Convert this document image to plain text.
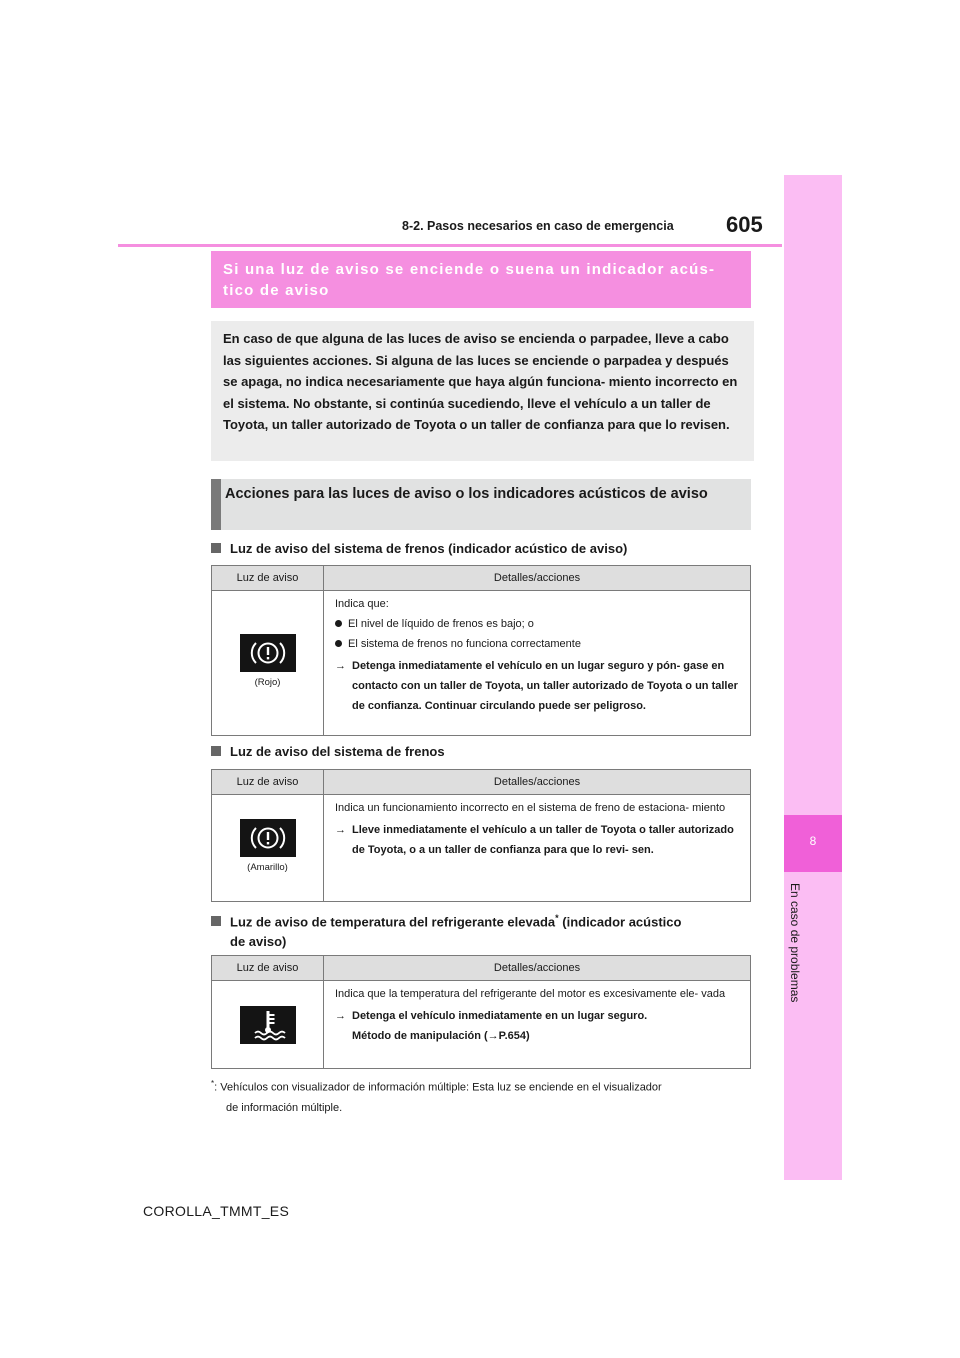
8-2. Pasos necesarios en caso de emergencia 605
8
En caso de problemas
Si una luz de aviso se enciende o suena un indicador acús- tico de aviso
En caso de que alguna de las luces de aviso se encienda o parpadee, lleve a cabo las siguientes acciones. Si alguna de las luces se enciende o parpadea y después se apaga, no indica necesariamente que haya algún funciona- miento incorrecto en el sistema. No obstante, si continúa sucediendo, lleve el vehículo a un taller de Toyota, un taller autorizado de Toyota o un taller de confianza para que lo revisen.
Acciones para las luces de aviso o los indicadores acústicos de aviso
Luz de aviso del sistema de frenos (indicador acústico de aviso)
Luz de aviso	Detalles/acciones

(Rojo)	Indica que:
El nivel de líquido de frenos es bajo; o
El sistema de frenos no funciona correctamente
→ Detenga inmediatamente el vehículo en un lugar seguro y pón- gase en contacto con un taller de Toyota, un taller autorizado de Toyota o un taller de confianza. Continuar circulando puede ser peligroso.
Luz de aviso del sistema de frenos
Luz de aviso	Detalles/acciones

(Amarillo)	Indica un funcionamiento incorrecto en el sistema de freno de estaciona- miento
→ Lleve inmediatamente el vehículo a un taller de Toyota o taller autorizado de Toyota, o a un taller de confianza para que lo revi- sen.
Luz de aviso de temperatura del refrigerante elevada* (indicador acústico
de aviso)
Luz de aviso	Detalles/acciones

Indica que la temperatura del refrigerante del motor es excesivamente ele- vada
→ Detenga el vehículo inmediatamente en un lugar seguro.
Método de manipulación (→P.654)
*: Vehículos con visualizador de información múltiple: Esta luz se enciende en el visualizador
de información múltiple.
COROLLA_TMMT_ES
